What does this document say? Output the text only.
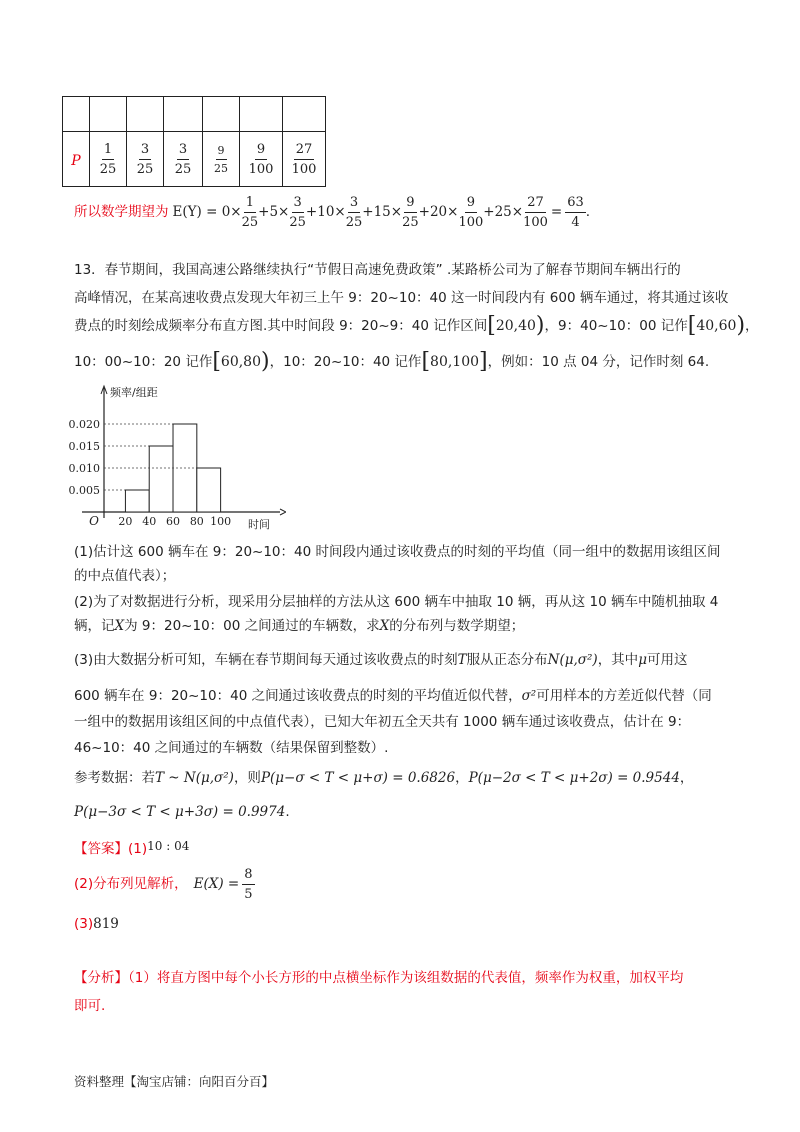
P	$\frac{1}{25}$	$\frac{3}{25}$	$\frac{3}{25}$	$\frac{9}{25}$	$\frac{9}{100}$	$\frac{27}{100}$
所以数学期望为 $E(Y) = 0\times \frac{1}{25} +5\times \frac{3}{25} +10\times \frac{3}{25} +15\times \frac{9}{25} +20\times \frac{9}{100} +25\times \frac{27}{100} = \frac{63}{4}$ .
13．春节期间，我国高速公路继续执行“节假日高速免费政策” .某路桥公司为了解春节期间车辆出行的
高峰情况，在某高速收费点发现大年初三上午 9：20~10：40 这一时间段内有 600 辆车通过，将其通过该收
费点的时刻绘成频率分布直方图.其中时间段 9：20~9：40 记作区间[20,40)，9：40~10：00 记作[40,60)，
10：00~10：20 记作[60,80)，10：20~10：40 记作[80,100]，例如：10 点 04 分，记作时刻 64.
0.005
0.010
0.015
0.020
20 40 60 80 100
O
频率/组距
时间
(1)估计这 600 辆车在 9：20~10：40 时间段内通过该收费点的时刻的平均值（同一组中的数据用该组区间
的中点值代表）；
(2)为了对数据进行分析，现采用分层抽样的方法从这 600 辆车中抽取 10 辆，再从这 10 辆车中随机抽取 4
辆，记X为 9：20~10：00 之间通过的车辆数，求X的分布列与数学期望；
(3)由大数据分析可知，车辆在春节期间每天通过该收费点的时刻T服从正态分布N(μ,σ²)，其中μ可用这
600 辆车在 9：20~10：40 之间通过该收费点的时刻的平均值近似代替，σ²可用样本的方差近似代替（同
一组中的数据用该组区间的中点值代表），已知大年初五全天共有 1000 辆车通过该收费点，估计在 9：
46~10：40 之间通过的车辆数（结果保留到整数）.
参考数据：若T ~ N(μ,σ²)，则P(μ−σ < T < μ+σ) = 0.6826，P(μ−2σ < T < μ+2σ) = 0.9544，
P(μ−3σ < T < μ+3σ) = 0.9974.
【答案】(1)10 : 04
(2) 分布列见解析， $E(X) = \frac{8}{5}$
(3)819
【分析】（1）将直方图中每个小长方形的中点横坐标作为该组数据的代表值，频率作为权重，加权平均
即可.
资料整理【淘宝店铺：向阳百分百】
